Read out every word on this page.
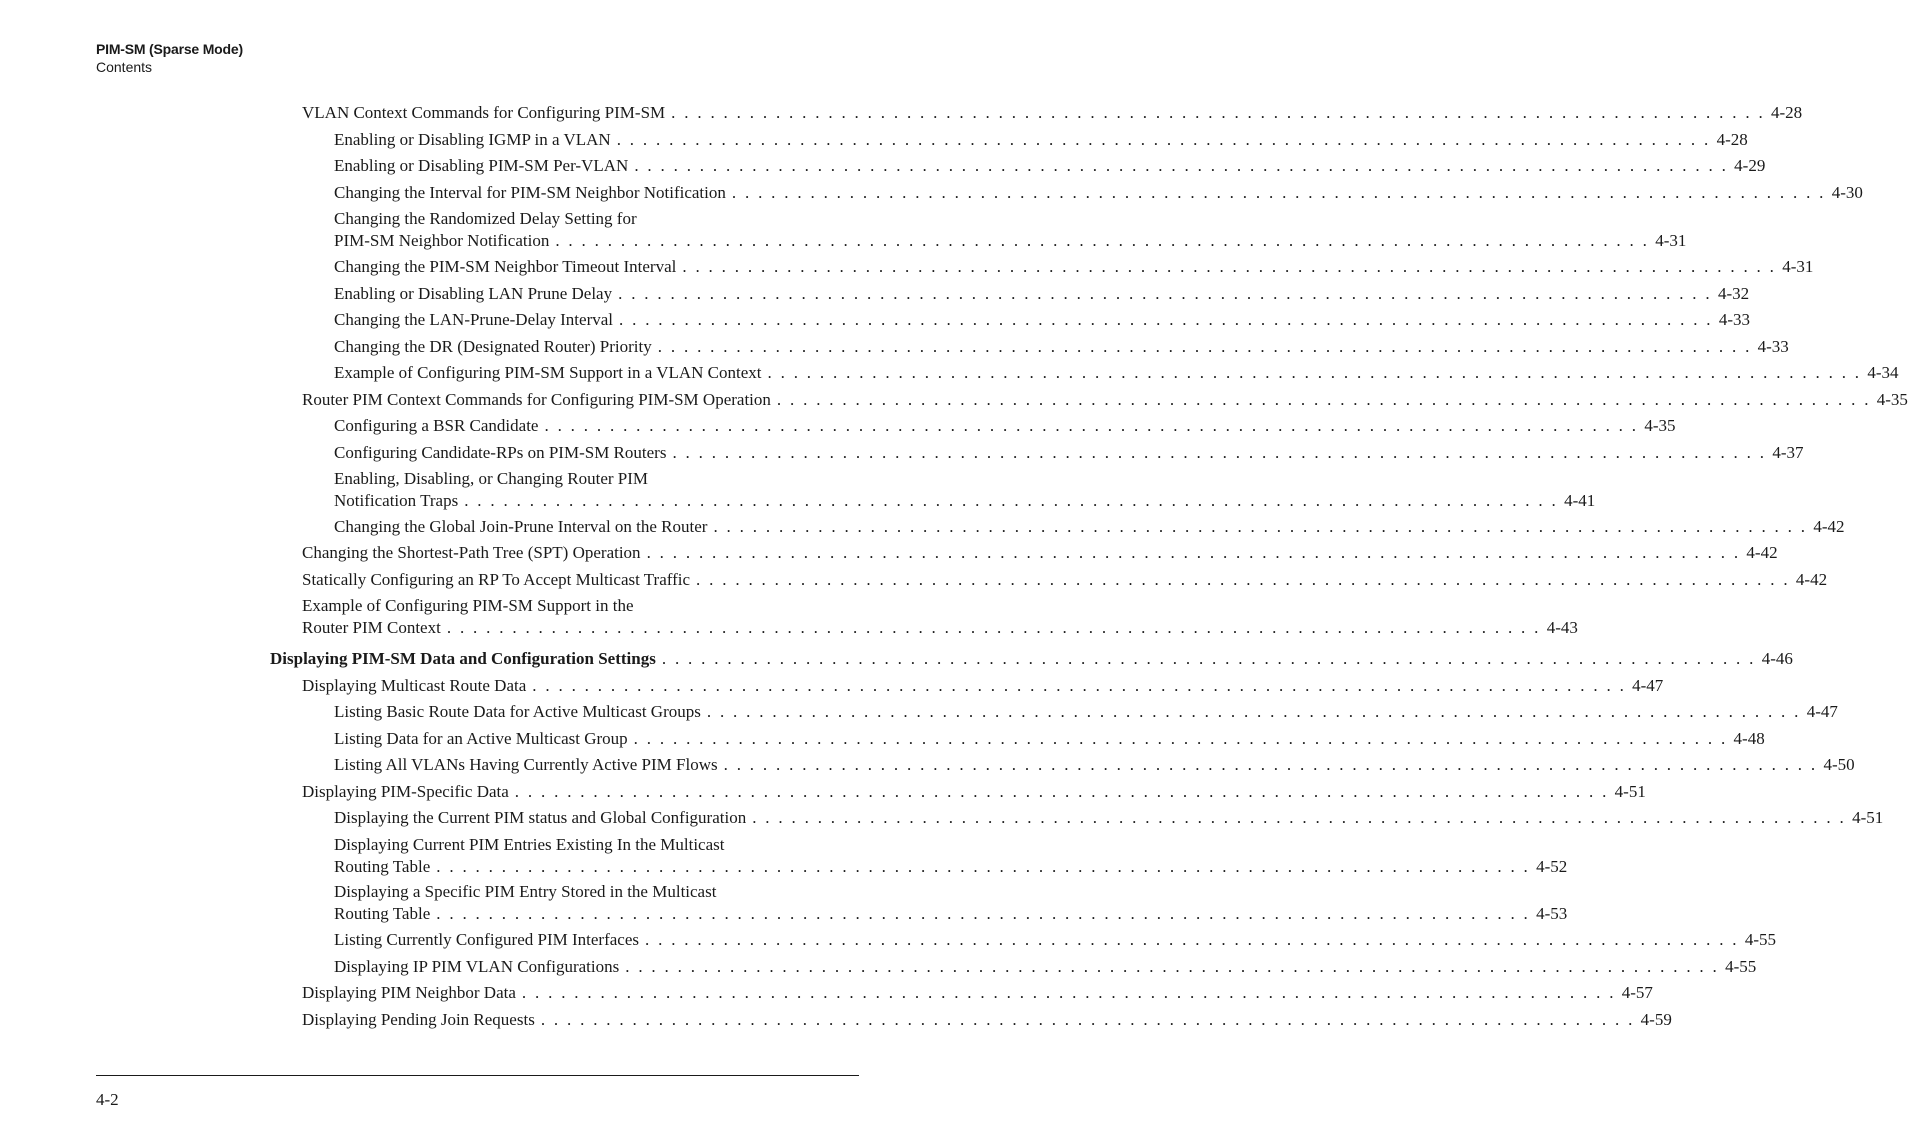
PIM-SM (Sparse Mode)
Contents
VLAN Context Commands for Configuring PIM-SM . . . . . . . . . . . . . . . . . . . . . . . . . . . . . . . . . . . . . . . . . . . . . . . . . . . . . . . . . . . . . . . . . . . . . . . . . . . . . . . . . . . . 4-28
Enabling or Disabling IGMP in a VLAN . . . . . . . . . . . . . . . . . . . . . . . . . . . . . . . . . . . . . . . . . . . . . . . . . . . . . . . . . . . . . . . . . . . . . . . . . . . . . . . . . . . . 4-28
Enabling or Disabling PIM-SM Per-VLAN . . . . . . . . . . . . . . . . . . . . . . . . . . . . . . . . . . . . . . . . . . . . . . . . . . . . . . . . . . . . . . . . . . . . . . . . . . . . . . . . . . . . 4-29
Changing the Interval for PIM-SM Neighbor Notification . . . . . . . . . . . . . . . . . . . . . . . . . . . . . . . . . . . . . . . . . . . . . . . . . . . . . . . . . . . . . . . . . . . . . . . . . . . . . . . . . . . . 4-30
Changing the Randomized Delay Setting for
PIM-SM Neighbor Notification . . . . . . . . . . . . . . . . . . . . . . . . . . . . . . . . . . . . . . . . . . . . . . . . . . . . . . . . . . . . . . . . . . . . . . . . . . . . . . . . . . . . 4-31
Changing the PIM-SM Neighbor Timeout Interval . . . . . . . . . . . . . . . . . . . . . . . . . . . . . . . . . . . . . . . . . . . . . . . . . . . . . . . . . . . . . . . . . . . . . . . . . . . . . . . . . . . . 4-31
Enabling or Disabling LAN Prune Delay . . . . . . . . . . . . . . . . . . . . . . . . . . . . . . . . . . . . . . . . . . . . . . . . . . . . . . . . . . . . . . . . . . . . . . . . . . . . . . . . . . . . 4-32
Changing the LAN-Prune-Delay Interval . . . . . . . . . . . . . . . . . . . . . . . . . . . . . . . . . . . . . . . . . . . . . . . . . . . . . . . . . . . . . . . . . . . . . . . . . . . . . . . . . . . . 4-33
Changing the DR (Designated Router) Priority . . . . . . . . . . . . . . . . . . . . . . . . . . . . . . . . . . . . . . . . . . . . . . . . . . . . . . . . . . . . . . . . . . . . . . . . . . . . . . . . . . . . 4-33
Example of Configuring PIM-SM Support in a VLAN Context . . . . . . . . . . . . . . . . . . . . . . . . . . . . . . . . . . . . . . . . . . . . . . . . . . . . . . . . . . . . . . . . . . . . . . . . . . . . . . . . . . . . 4-34
Router PIM Context Commands for Configuring PIM-SM Operation . . . . . . . . . . . . . . . . . . . . . . . . . . . . . . . . . . . . . . . . . . . . . . . . . . . . . . . . . . . . . . . . . . . . . . . . . . . . . . . . . . . . 4-35
Configuring a BSR Candidate . . . . . . . . . . . . . . . . . . . . . . . . . . . . . . . . . . . . . . . . . . . . . . . . . . . . . . . . . . . . . . . . . . . . . . . . . . . . . . . . . . . . 4-35
Configuring Candidate-RPs on PIM-SM Routers . . . . . . . . . . . . . . . . . . . . . . . . . . . . . . . . . . . . . . . . . . . . . . . . . . . . . . . . . . . . . . . . . . . . . . . . . . . . . . . . . . . . 4-37
Enabling, Disabling, or Changing Router PIM
Notification Traps . . . . . . . . . . . . . . . . . . . . . . . . . . . . . . . . . . . . . . . . . . . . . . . . . . . . . . . . . . . . . . . . . . . . . . . . . . . . . . . . . . . . 4-41
Changing the Global Join-Prune Interval on the Router . . . . . . . . . . . . . . . . . . . . . . . . . . . . . . . . . . . . . . . . . . . . . . . . . . . . . . . . . . . . . . . . . . . . . . . . . . . . . . . . . . . . 4-42
Changing the Shortest-Path Tree (SPT) Operation . . . . . . . . . . . . . . . . . . . . . . . . . . . . . . . . . . . . . . . . . . . . . . . . . . . . . . . . . . . . . . . . . . . . . . . . . . . . . . . . . . . . 4-42
Statically Configuring an RP To Accept Multicast Traffic . . . . . . . . . . . . . . . . . . . . . . . . . . . . . . . . . . . . . . . . . . . . . . . . . . . . . . . . . . . . . . . . . . . . . . . . . . . . . . . . . . . . 4-42
Example of Configuring PIM-SM Support in the
Router PIM Context . . . . . . . . . . . . . . . . . . . . . . . . . . . . . . . . . . . . . . . . . . . . . . . . . . . . . . . . . . . . . . . . . . . . . . . . . . . . . . . . . . . . 4-43
Displaying PIM-SM Data and Configuration Settings . . . . . . . . . . . . . . . . . . . . . . . . . . . . . . . . . . . . . . . . . . . . . . . . . . . . . . . . . . . . . . . . . . . . . . . . . . . . . . . . . . . . 4-46
Displaying Multicast Route Data . . . . . . . . . . . . . . . . . . . . . . . . . . . . . . . . . . . . . . . . . . . . . . . . . . . . . . . . . . . . . . . . . . . . . . . . . . . . . . . . . . . . 4-47
Listing Basic Route Data for Active Multicast Groups . . . . . . . . . . . . . . . . . . . . . . . . . . . . . . . . . . . . . . . . . . . . . . . . . . . . . . . . . . . . . . . . . . . . . . . . . . . . . . . . . . . . 4-47
Listing Data for an Active Multicast Group . . . . . . . . . . . . . . . . . . . . . . . . . . . . . . . . . . . . . . . . . . . . . . . . . . . . . . . . . . . . . . . . . . . . . . . . . . . . . . . . . . . . 4-48
Listing All VLANs Having Currently Active PIM Flows . . . . . . . . . . . . . . . . . . . . . . . . . . . . . . . . . . . . . . . . . . . . . . . . . . . . . . . . . . . . . . . . . . . . . . . . . . . . . . . . . . . . 4-50
Displaying PIM-Specific Data . . . . . . . . . . . . . . . . . . . . . . . . . . . . . . . . . . . . . . . . . . . . . . . . . . . . . . . . . . . . . . . . . . . . . . . . . . . . . . . . . . . . 4-51
Displaying the Current PIM status and Global Configuration . . . . . . . . . . . . . . . . . . . . . . . . . . . . . . . . . . . . . . . . . . . . . . . . . . . . . . . . . . . . . . . . . . . . . . . . . . . . . . . . . . . . 4-51
Displaying Current PIM Entries Existing In the Multicast
Routing Table . . . . . . . . . . . . . . . . . . . . . . . . . . . . . . . . . . . . . . . . . . . . . . . . . . . . . . . . . . . . . . . . . . . . . . . . . . . . . . . . . . . . 4-52
Displaying a Specific PIM Entry Stored in the Multicast
Routing Table . . . . . . . . . . . . . . . . . . . . . . . . . . . . . . . . . . . . . . . . . . . . . . . . . . . . . . . . . . . . . . . . . . . . . . . . . . . . . . . . . . . . 4-53
Listing Currently Configured PIM Interfaces . . . . . . . . . . . . . . . . . . . . . . . . . . . . . . . . . . . . . . . . . . . . . . . . . . . . . . . . . . . . . . . . . . . . . . . . . . . . . . . . . . . . 4-55
Displaying IP PIM VLAN Configurations . . . . . . . . . . . . . . . . . . . . . . . . . . . . . . . . . . . . . . . . . . . . . . . . . . . . . . . . . . . . . . . . . . . . . . . . . . . . . . . . . . . . 4-55
Displaying PIM Neighbor Data . . . . . . . . . . . . . . . . . . . . . . . . . . . . . . . . . . . . . . . . . . . . . . . . . . . . . . . . . . . . . . . . . . . . . . . . . . . . . . . . . . . . 4-57
Displaying Pending Join Requests . . . . . . . . . . . . . . . . . . . . . . . . . . . . . . . . . . . . . . . . . . . . . . . . . . . . . . . . . . . . . . . . . . . . . . . . . . . . . . . . . . . . 4-59
4-2
